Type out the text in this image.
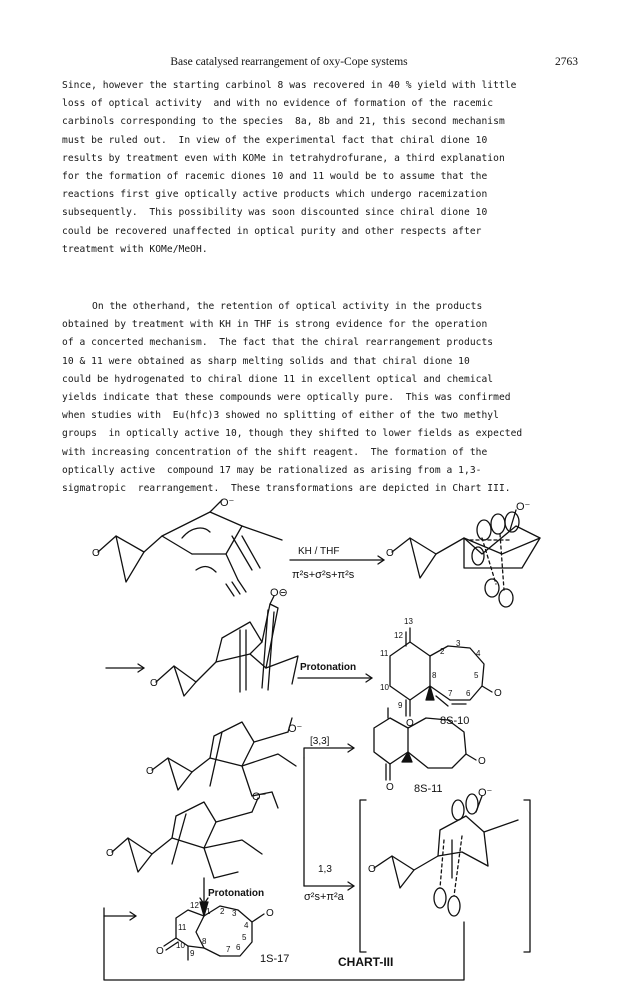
Base catalysed rearrangement of oxy-Cope systems	2763
Since, however the starting carbinol 8 was recovered in 40 % yield with little
loss of optical activity  and with no evidence of formation of the racemic
carbinols corresponding to the species  8a, 8b and 21, this second mechanism
must be ruled out.  In view of the experimental fact that chiral dione 10
results by treatment even with KOMe in tetrahydrofurane, a third explanation
for the formation of racemic diones 10 and 11 would be to assume that the
reactions first give optically active products which undergo racemization
subsequently.  This possibility was soon discounted since chiral dione 10
could be recovered unaffected in optical purity and other respects after
treatment with KOMe/MeOH.
On the otherhand, the retention of optical activity in the products
obtained by treatment with KH in THF is strong evidence for the operation
of a concerted mechanism.  The fact that the chiral rearrangement products
10 & 11 were obtained as sharp melting solids and that chiral dione 10
could be hydrogenated to chiral dione 11 in excellent optical and chemical
yields indicate that these compounds were optically pure.  This was confirmed
when studies with  Eu(hfc)3 showed no splitting of either of the two methyl
groups  in optically active 10, though they shifted to lower fields as expected
with increasing concentration of the shift reagent.  The formation of the
optically active  compound 17 may be rationalized as arising from a 1,3-
sigmatropic  rearrangement.  These transformations are depicted in Chart III.
O⁻	O⁻
O⊖
O⁻
O⁻	O⁻
KH / THF
π²s+σ²s+π²s
Protonation
Protonation
[3,3]
1,3
σ²s+π²a
8S-10
8S-11
1S-17	CHART-III
O	O
O
O
O
O
O
O
O
O
O
O
13
12
11
10
9
8
7 6
5
4
3
2
12
11
10
9
8
7 6
5
4
3
2
1
